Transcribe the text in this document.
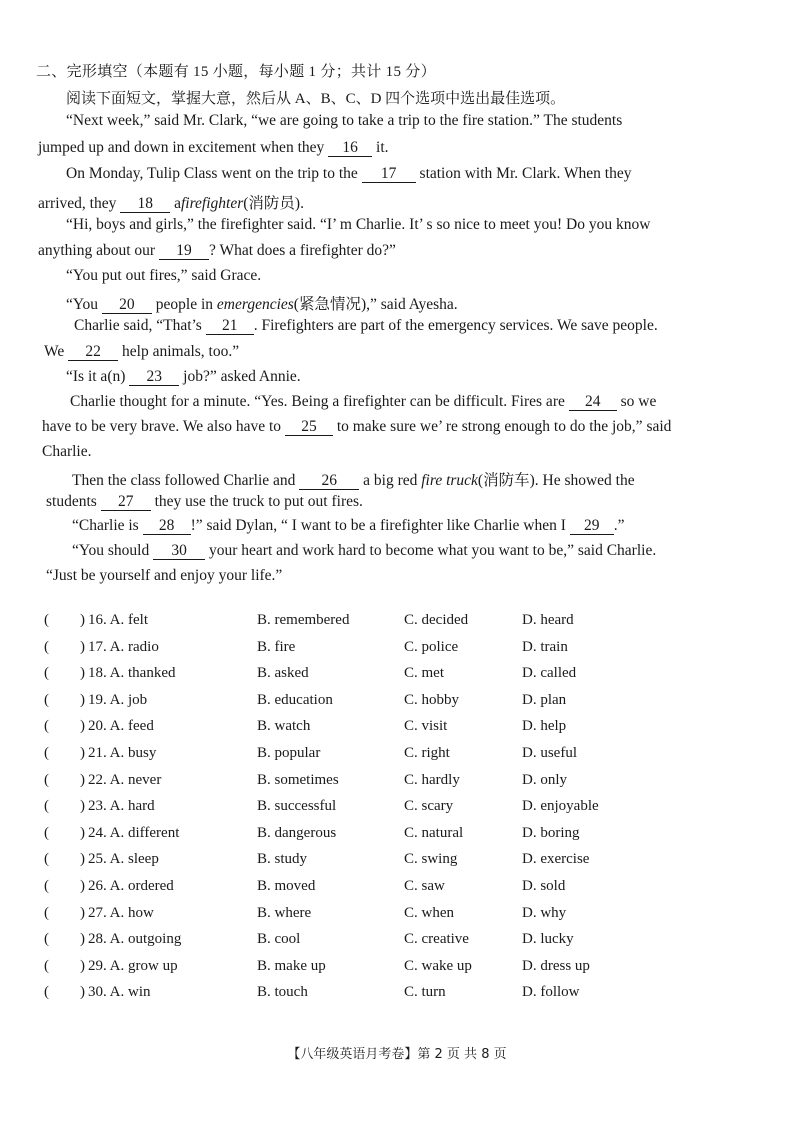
二、完形填空（本题有 15 小题，每小题 1 分；共计 15 分）
阅读下面短文，掌握大意，然后从 A、B、C、D 四个选项中选出最佳选项。
“Next week,” said Mr. Clark, “we are going to take a trip to the fire station.” The students
jumped up and down in excitement when they 16 it.
On Monday, Tulip Class went on the trip to the 17 station with Mr. Clark. When they
arrived, they 18 afirefighter(消防员).
“Hi, boys and girls,” the firefighter said. “I’ m Charlie. It’ s so nice to meet you! Do you know
anything about our 19 ? What does a firefighter do?”
“You put out fires,” said Grace.
“You 20 people in emergencies(紧急情况),” said Ayesha.
Charlie said, “That’s 21 . Firefighters are part of the emergency services. We save people.
We 22 help animals, too.”
“Is it a(n) 23 job?” asked Annie.
Charlie thought for a minute. “Yes. Being a firefighter can be difficult. Fires are 24 so we
have to be very brave. We also have to 25 to make sure we’ re strong enough to do the job,” said
Charlie.
Then the class followed Charlie and 26 a big red fire truck(消防车). He showed the
students 27 they use the truck to put out fires.
“Charlie is 28 !” said Dylan, “ I want to be a firefighter like Charlie when I 29 .”
“You should 30 your heart and work hard to become what you want to be,” said Charlie.
“Just be yourself and enjoy your life.”
( ) 16. A. felt	B. remembered	C. decided	D. heard
( ) 17. A. radio	B. fire	C. police	D. train
( ) 18. A. thanked	B. asked	C. met	D. called
( ) 19. A. job	B. education	C. hobby	D. plan
( ) 20. A. feed	B. watch	C. visit	D. help
( ) 21. A. busy	B. popular	C. right	D. useful
( ) 22. A. never	B. sometimes	C. hardly	D. only
( ) 23. A. hard	B. successful	C. scary	D. enjoyable
( ) 24. A. different	B. dangerous	C. natural	D. boring
( ) 25. A. sleep	B. study	C. swing	D. exercise
( ) 26. A. ordered	B. moved	C. saw	D. sold
( ) 27. A. how	B. where	C. when	D. why
( ) 28. A. outgoing	B. cool	C. creative	D. lucky
( ) 29. A. grow up	B. make up	C. wake up	D. dress up
( ) 30. A. win	B. touch	C. turn	D. follow
【八年级英语月考卷】第 2 页 共 8 页
